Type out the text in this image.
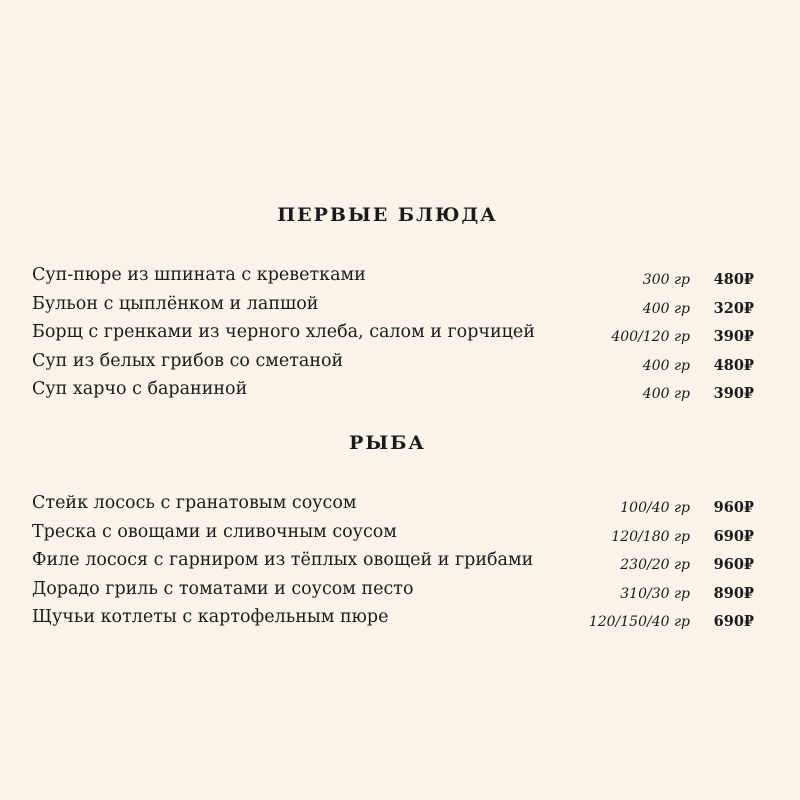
ПЕРВЫЕ БЛЮДА
Суп-пюре из шпината с креветками	300 гр 480₽
Бульон с цыплёнком и лапшой	400 гр 320₽
Борщ с гренками из черного хлеба, салом и горчицей	400/120 гр 390₽
Суп из белых грибов со сметаной	400 гр 480₽
Суп харчо с бараниной	400 гр 390₽
РЫБА
Стейк лосось с гранатовым соусом	100/40 гр 960₽
Треска с овощами и сливочным соусом	120/180 гр 690₽
Филе лосося с гарниром из тёплых овощей и грибами	230/20 гр 960₽
Дорадо гриль с томатами и соусом песто	310/30 гр 890₽
Щучьи котлеты с картофельным пюре	120/150/40 гр 690₽
